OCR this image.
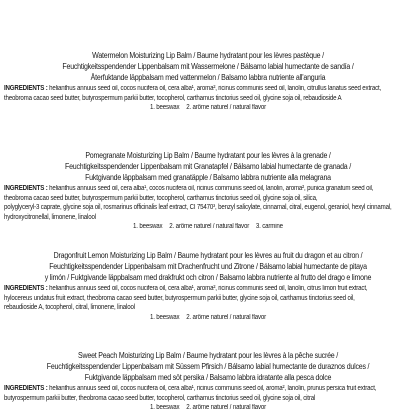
Watermelon Moisturizing Lip Balm / Baume hydratant pour les lèvres pastèque /
Feuchtigkeitsspendender Lippenbalsam mit Wassermelone / Bálsamo labial humectante de sandía /
Återfuktande läppbalsam med vattenmelon / Balsamo labbra nutriente all'anguria
INGREDIENTS : helianthus annuus seed oil, cocos nucifera oil, cera alba¹, aroma², ricinus communis seed oil, lanolin, citrullus lanatus seed extract,
theobroma cacao seed butter, butyrospermum parkii butter, tocopherol, carthamus tinctorius seed oil, glycine soja oil, rebaudioside A
1. beeswax 2. arôme naturel / natural flavor
Pomegranate Moisturizing Lip Balm / Baume hydratant pour les lèvres à la grenade /
Feuchtigkeitsspendender Lippenbalsam mit Granatapfel / Bálsamo labial humectante de granada /
Fuktgivande läppbalsam med granatäpple / Balsamo labbra nutriente alla melagrana
INGREDIENTS : helianthus annuus seed oil, cera alba¹, cocos nucifera oil, ricinus communis seed oil, lanolin, aroma², punica granatum seed oil,
theobroma cacao seed butter, butyrospermum parkii butter, tocopherol, carthamus tinctorius seed oil, glycine soja oil, silica,
polyglyceryl-3 caprate, glycine soja oil, rosmarinus officinalis leaf extract, CI 75470³, benzyl salicylate, cinnamal, citral, eugenol, geraniol, hexyl cinnamal,
hydroxycitronellal, limonene, linalool
1. beeswax 2. arôme naturel / natural flavor 3. carmine
Dragonfruit Lemon Moisturizing Lip Balm / Baume hydratant pour les lèvres au fruit du dragon et au citron /
Feuchtigkeitsspendender Lippenbalsam mit Drachenfrucht und Zitrone / Bálsamo labial humectante de pitaya
y limón / Fuktgivande läppbalsam med drakfrukt och citron / Balsamo labbra nutriente al frutto del drago e limone
INGREDIENTS : helianthus annuus seed oil, cocos nucifera oil, cera alba¹, aroma², ricinus communis seed oil, lanolin, citrus limon fruit extract,
hylocereus undatus fruit extract, theobroma cacao seed butter, butyrospermum parkii butter, glycine soja oil, carthamus tinctorius seed oil,
rebaudioside A, tocopherol, citral, limonene, linalool
1. beeswax 2. arôme naturel / natural flavor
Sweet Peach Moisturizing Lip Balm / Baume hydratant pour les lèvres à la pêche sucrée /
Feuchtigkeitsspendender Lippenbalsam mit Süssem Pfirsich / Bálsamo labial humectante de duraznos dulces /
Fuktgivande läppbalsam med söt persika / Balsamo labbra idratante alla pesca dolce
INGREDIENTS : helianthus annuus seed oil, cocos nucifera oil, cera alba¹, ricinus communis seed oil, aroma², lanolin, prunus persica fruit extract,
butyrospermum parkii butter, theobroma cacao seed butter, tocopherol, carthamus tinctorius seed oil, glycine soja oil, citral
1. beeswax 2. arôme naturel / natural flavor
